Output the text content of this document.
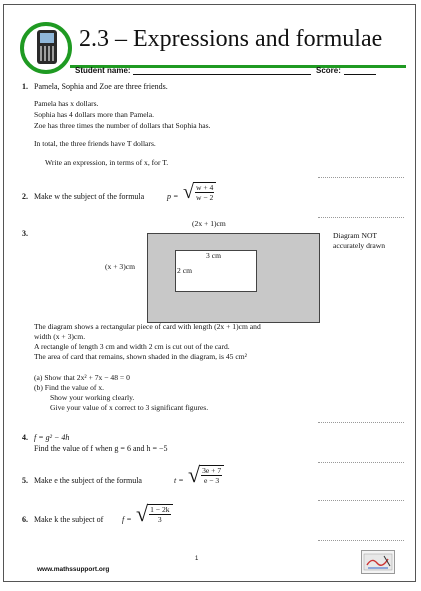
2.3 – Expressions and formulae
Student name:	Score:
1. Pamela, Sophia and Zoe are three friends.
Pamela has x dollars.
Sophia has 4 dollars more than Pamela.
Zoe has three times the number of dollars that Sophia has.
In total, the three friends have T dollars.
Write an expression, in terms of x, for T.
2. Make w the subject of the formula	p = √ $\frac{w + 4}{w - 2}$
3.
(2x + 1)cm
(x + 3)cm
3 cm
2 cm
Diagram NOT
accurately drawn
The diagram shows a rectangular piece of card with length (2x + 1)cm and
width (x + 3)cm.
A rectangle of length 3 cm and width 2 cm is cut out of the card.
The area of card that remains, shown shaded in the diagram, is 45 cm²
(a) Show that 2x² + 7x − 48 = 0
(b) Find the value of x.
Show your working clearly.
Give your value of x correct to 3 significant figures.
4. f = g² − 4h
Find the value of f when g = 6 and h = −5
5. Make e the subject of the formula	t = √ $\frac{3e + 7}{e - 3}$
6. Make k the subject of f = √ $\frac{1 - 2k}{3}$
www.mathssupport.org
1
